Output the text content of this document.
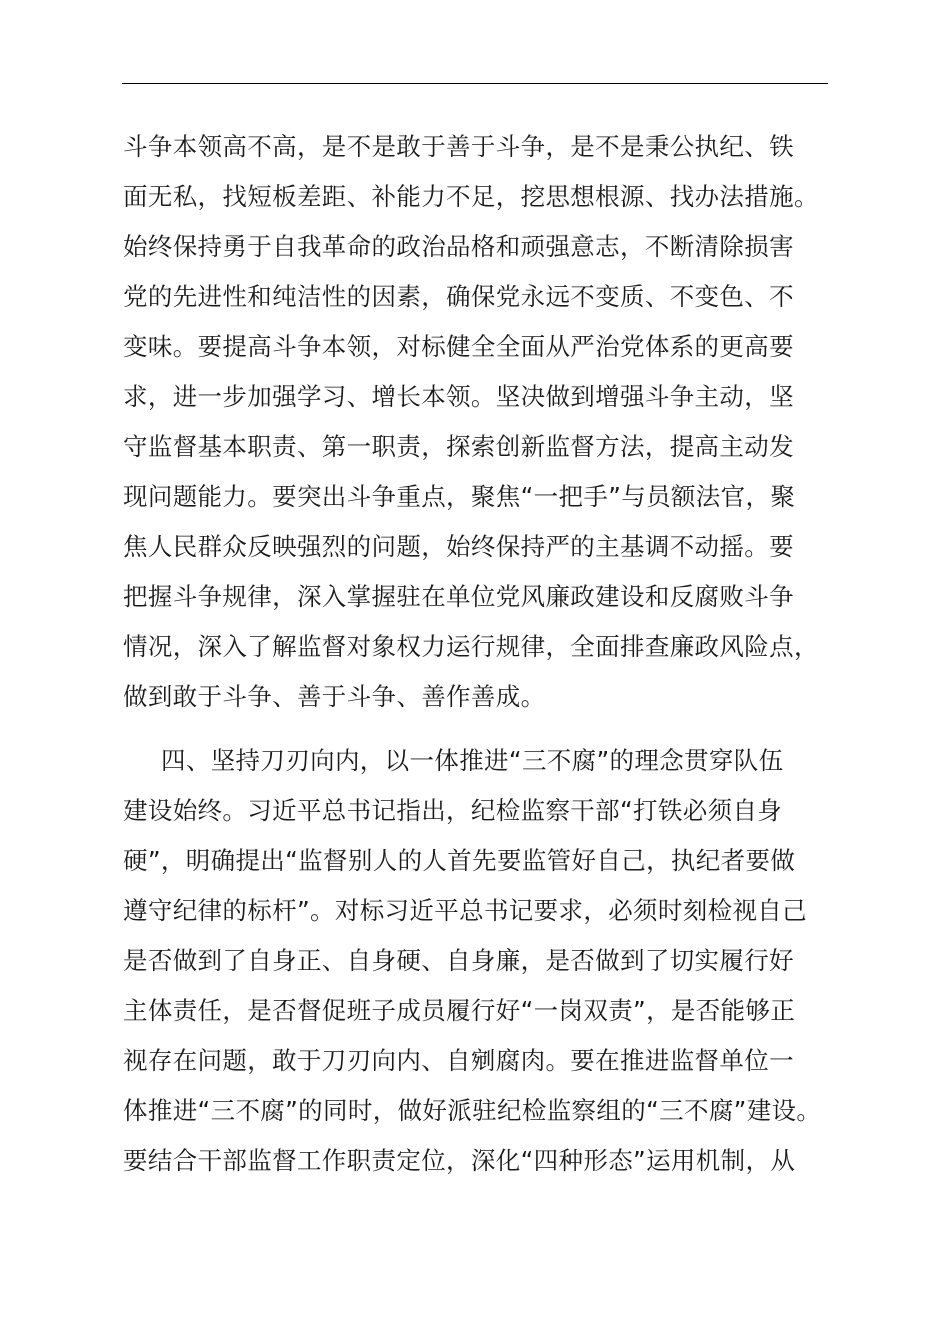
斗争本领高不高，是不是敢于善于斗争，是不是秉公执纪、铁
面无私，找短板差距、补能力不足，挖思想根源、找办法措施。
始终保持勇于自我革命的政治品格和顽强意志，不断清除损害
党的先进性和纯洁性的因素，确保党永远不变质、不变色、不
变味。要提高斗争本领，对标健全全面从严治党体系的更高要
求，进一步加强学习、增长本领。坚决做到增强斗争主动，坚
守监督基本职责、第一职责，探索创新监督方法，提高主动发
现问题能力。要突出斗争重点，聚焦“一把手”与员额法官，聚
焦人民群众反映强烈的问题，始终保持严的主基调不动摇。要
把握斗争规律，深入掌握驻在单位党风廉政建设和反腐败斗争
情况，深入了解监督对象权力运行规律，全面排查廉政风险点，
做到敢于斗争、善于斗争、善作善成。
四、坚持刀刃向内，以一体推进“三不腐”的理念贯穿队伍
建设始终。习近平总书记指出，纪检监察干部“打铁必须自身
硬”，明确提出“监督别人的人首先要监管好自己，执纪者要做
遵守纪律的标杆”。对标习近平总书记要求，必须时刻检视自己
是否做到了自身正、自身硬、自身廉，是否做到了切实履行好
主体责任，是否督促班子成员履行好“一岗双责”，是否能够正
视存在问题，敢于刀刃向内、自剜腐肉。要在推进监督单位一
体推进“三不腐”的同时，做好派驻纪检监察组的“三不腐”建设。
要结合干部监督工作职责定位，深化“四种形态”运用机制，从
